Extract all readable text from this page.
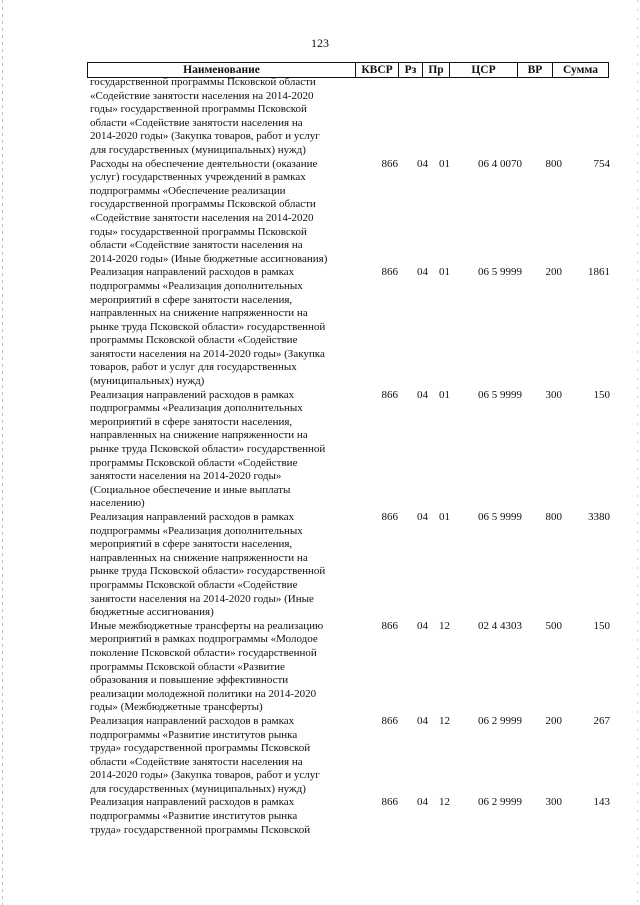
123
Наименование	КВСР	Рз	Пр	ЦСР	ВР	Сумма
государственной программы Псковской области
«Содействие занятости населения на 2014-2020
годы» государственной программы Псковской
области «Содействие занятости населения на
2014-2020 годы» (Закупка товаров, работ и услуг
для государственных (муниципальных) нужд)
Расходы на обеспечение деятельности (оказание
услуг) государственных учреждений в рамках
подпрограммы «Обеспечение реализации
государственной программы Псковской области
«Содействие занятости населения на 2014-2020
годы» государственной программы Псковской
области «Содействие занятости населения на
2014-2020 годы» (Иные бюджетные ассигнования)
866	04	01	06 4 0070	800	754
Реализация направлений расходов в рамках
подпрограммы «Реализация дополнительных
мероприятий в сфере занятости населения,
направленных на снижение напряженности на
рынке труда Псковской области» государственной
программы Псковской области «Содействие
занятости населения на 2014-2020 годы» (Закупка
товаров, работ и услуг для государственных
(муниципальных) нужд)
866	04	01	06 5 9999	200	1861
Реализация направлений расходов в рамках
подпрограммы «Реализация дополнительных
мероприятий в сфере занятости населения,
направленных на снижение напряженности на
рынке труда Псковской области» государственной
программы Псковской области «Содействие
занятости населения на 2014-2020 годы»
(Социальное обеспечение и иные выплаты
населению)
866	04	01	06 5 9999	300	150
Реализация направлений расходов в рамках
подпрограммы «Реализация дополнительных
мероприятий в сфере занятости населения,
направленных на снижение напряженности на
рынке труда Псковской области» государственной
программы Псковской области «Содействие
занятости населения на 2014-2020 годы» (Иные
бюджетные ассигнования)
866	04	01	06 5 9999	800	3380
Иные межбюджетные трансферты на реализацию
мероприятий в рамках подпрограммы «Молодое
поколение Псковской области» государственной
программы Псковской области «Развитие
образования и повышение эффективности
реализации молодежной политики на 2014-2020
годы» (Межбюджетные трансферты)
866	04	12	02 4 4303	500	150
Реализация направлений расходов в рамках
подпрограммы «Развитие институтов рынка
труда» государственной программы Псковской
области «Содействие занятости населения на
2014-2020 годы» (Закупка товаров, работ и услуг
для государственных (муниципальных) нужд)
866	04	12	06 2 9999	200	267
Реализация направлений расходов в рамках
подпрограммы «Развитие институтов рынка
труда» государственной программы Псковской
866	04	12	06 2 9999	300	143
